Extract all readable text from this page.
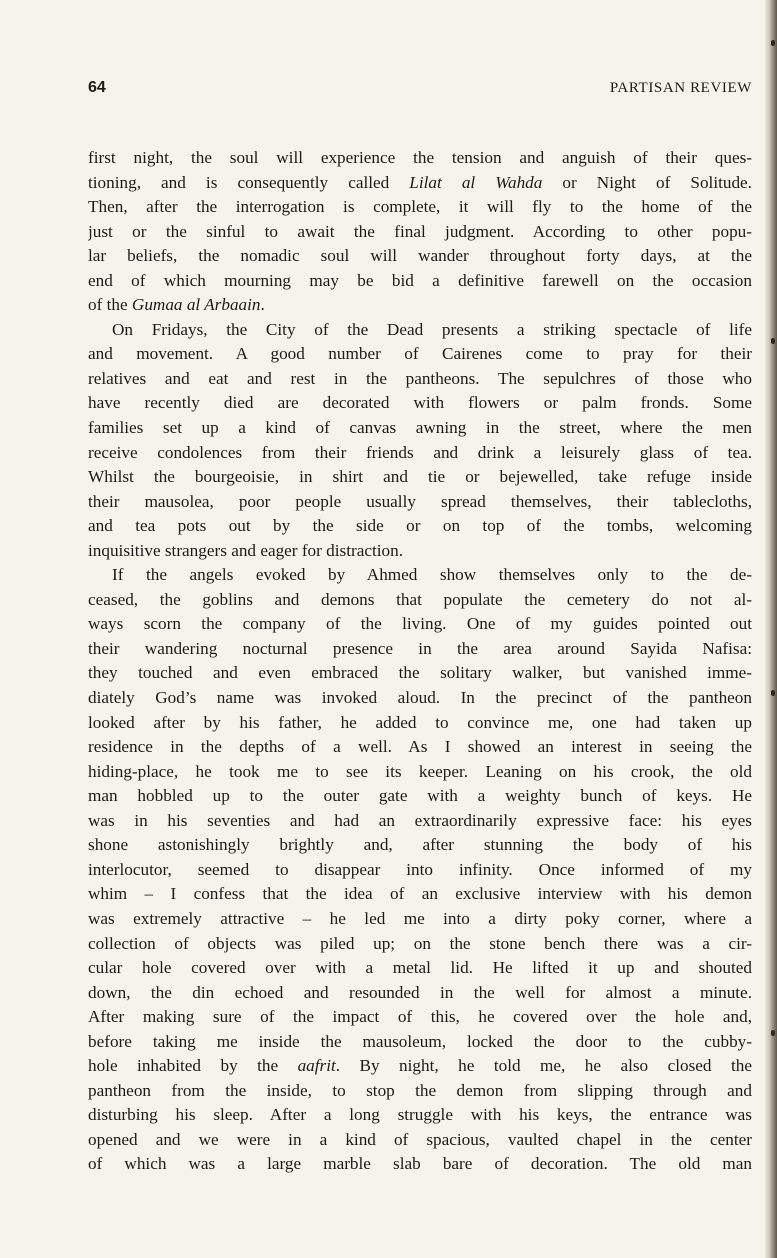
64	PARTISAN REVIEW
first night, the soul will experience the tension and anguish of their ques-
tioning, and is consequently called Lilat al Wahda or Night of Solitude.
Then, after the interrogation is complete, it will fly to the home of the
just or the sinful to await the final judgment. According to other popu-
lar beliefs, the nomadic soul will wander throughout forty days, at the
end of which mourning may be bid a definitive farewell on the occasion
of the Gumaa al Arbaain.
On Fridays, the City of the Dead presents a striking spectacle of life
and movement. A good number of Cairenes come to pray for their
relatives and eat and rest in the pantheons. The sepulchres of those who
have recently died are decorated with flowers or palm fronds. Some
families set up a kind of canvas awning in the street, where the men
receive condolences from their friends and drink a leisurely glass of tea.
Whilst the bourgeoisie, in shirt and tie or bejewelled, take refuge inside
their mausolea, poor people usually spread themselves, their tablecloths,
and tea pots out by the side or on top of the tombs, welcoming
inquisitive strangers and eager for distraction.
If the angels evoked by Ahmed show themselves only to the de-
ceased, the goblins and demons that populate the cemetery do not al-
ways scorn the company of the living. One of my guides pointed out
their wandering nocturnal presence in the area around Sayida Nafisa:
they touched and even embraced the solitary walker, but vanished imme-
diately God’s name was invoked aloud. In the precinct of the pantheon
looked after by his father, he added to convince me, one had taken up
residence in the depths of a well. As I showed an interest in seeing the
hiding-place, he took me to see its keeper. Leaning on his crook, the old
man hobbled up to the outer gate with a weighty bunch of keys. He
was in his seventies and had an extraordinarily expressive face: his eyes
shone astonishingly brightly and, after stunning the body of his
interlocutor, seemed to disappear into infinity. Once informed of my
whim – I confess that the idea of an exclusive interview with his demon
was extremely attractive – he led me into a dirty poky corner, where a
collection of objects was piled up; on the stone bench there was a cir-
cular hole covered over with a metal lid. He lifted it up and shouted
down, the din echoed and resounded in the well for almost a minute.
After making sure of the impact of this, he covered over the hole and,
before taking me inside the mausoleum, locked the door to the cubby-
hole inhabited by the aafrit. By night, he told me, he also closed the
pantheon from the inside, to stop the demon from slipping through and
disturbing his sleep. After a long struggle with his keys, the entrance was
opened and we were in a kind of spacious, vaulted chapel in the center
of which was a large marble slab bare of decoration. The old man
